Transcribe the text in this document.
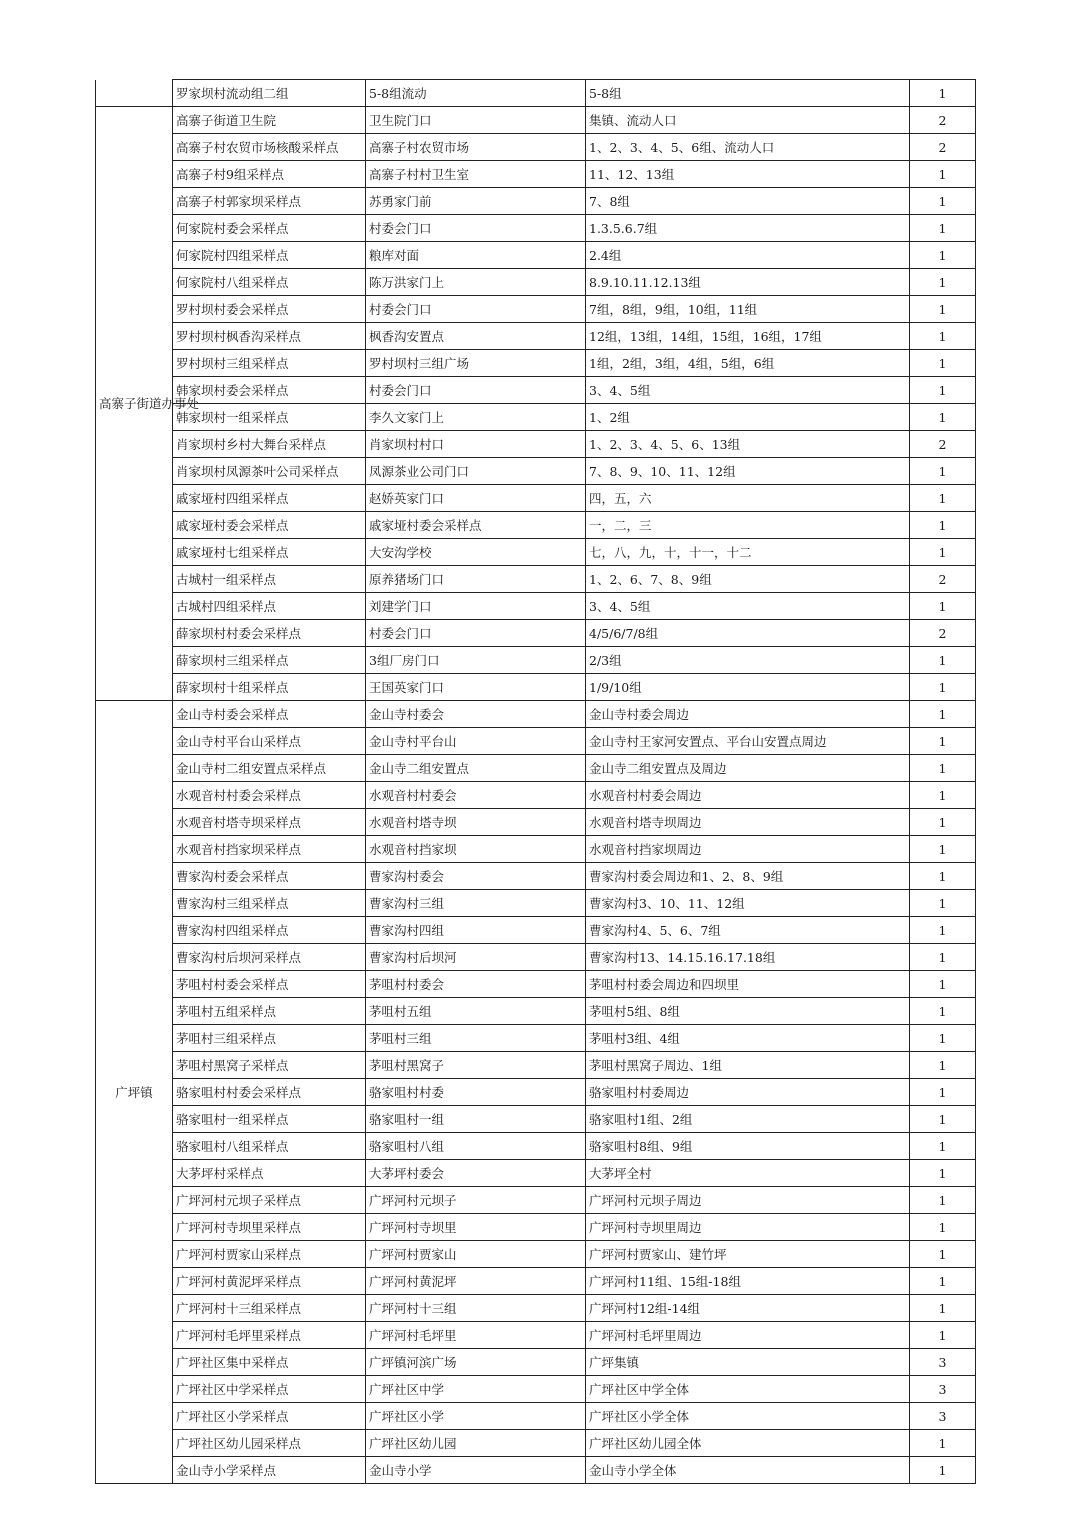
	罗家坝村流动组二组	5-8组流动	5-8组	1
高寨子街道办事处	高寨子街道卫生院	卫生院门口	集镇、流动人口	2
	高寨子村农贸市场核酸采样点	高寨子村农贸市场	1、2、3、4、5、6组、流动人口	2
	高寨子村9组采样点	高寨子村村卫生室	11、12、13组	1
	高寨子村郭家坝采样点	苏勇家门前	7、8组	1
	何家院村委会采样点	村委会门口	1.3.5.6.7组	1
	何家院村四组采样点	粮库对面	2.4组	1
	何家院村八组采样点	陈万洪家门上	8.9.10.11.12.13组	1
	罗村坝村委会采样点	村委会门口	7组，8组，9组，10组，11组	1
	罗村坝村枫香沟采样点	枫香沟安置点	12组，13组，14组，15组，16组，17组	1
	罗村坝村三组采样点	罗村坝村三组广场	1组，2组，3组，4组，5组，6组	1
	韩家坝村委会采样点	村委会门口	3、4、5组	1
	韩家坝村一组采样点	李久文家门上	1、2组	1
	肖家坝村乡村大舞台采样点	肖家坝村村口	1、2、3、4、5、6、13组	2
	肖家坝村凤源茶叶公司采样点	凤源茶业公司门口	7、8、9、10、11、12组	1
	戚家垭村四组采样点	赵娇英家门口	四，五，六	1
	戚家垭村委会采样点	戚家垭村委会采样点	一，二，三	1
	戚家垭村七组采样点	大安沟学校	七，八，九，十，十一，十二	1
	古城村一组采样点	原养猪场门口	1、2、6、7、8、9组	2
	古城村四组采样点	刘建学门口	3、4、5组	1
	薛家坝村村委会采样点	村委会门口	4/5/6/7/8组	2
	薛家坝村三组采样点	3组厂房门口	2/3组	1
	薛家坝村十组采样点	王国英家门口	1/9/10组	1
广坪镇	金山寺村委会采样点	金山寺村委会	金山寺村委会周边	1
	金山寺村平台山采样点	金山寺村平台山	金山寺村王家河安置点、平台山安置点周边	1
	金山寺村二组安置点采样点	金山寺二组安置点	金山寺二组安置点及周边	1
	水观音村村委会采样点	水观音村村委会	水观音村村委会周边	1
	水观音村塔寺坝采样点	水观音村塔寺坝	水观音村塔寺坝周边	1
	水观音村挡家坝采样点	水观音村挡家坝	水观音村挡家坝周边	1
	曹家沟村委会采样点	曹家沟村委会	曹家沟村委会周边和1、2、8、9组	1
	曹家沟村三组采样点	曹家沟村三组	曹家沟村3、10、11、12组	1
	曹家沟村四组采样点	曹家沟村四组	曹家沟村4、5、6、7组	1
	曹家沟村后坝河采样点	曹家沟村后坝河	曹家沟村13、14.15.16.17.18组	1
	茅咀村村委会采样点	茅咀村村委会	茅咀村村委会周边和四坝里	1
	茅咀村五组采样点	茅咀村五组	茅咀村5组、8组	1
	茅咀村三组采样点	茅咀村三组	茅咀村3组、4组	1
	茅咀村黑窝子采样点	茅咀村黑窝子	茅咀村黑窝子周边、1组	1
	骆家咀村村委会采样点	骆家咀村村委	骆家咀村村委周边	1
	骆家咀村一组采样点	骆家咀村一组	骆家咀村1组、2组	1
	骆家咀村八组采样点	骆家咀村八组	骆家咀村8组、9组	1
	大茅坪村采样点	大茅坪村委会	大茅坪全村	1
	广坪河村元坝子采样点	广坪河村元坝子	广坪河村元坝子周边	1
	广坪河村寺坝里采样点	广坪河村寺坝里	广坪河村寺坝里周边	1
	广坪河村贾家山采样点	广坪河村贾家山	广坪河村贾家山、建竹坪	1
	广坪河村黄泥坪采样点	广坪河村黄泥坪	广坪河村11组、15组-18组	1
	广坪河村十三组采样点	广坪河村十三组	广坪河村12组-14组	1
	广坪河村毛坪里采样点	广坪河村毛坪里	广坪河村毛坪里周边	1
	广坪社区集中采样点	广坪镇河滨广场	广坪集镇	3
	广坪社区中学采样点	广坪社区中学	广坪社区中学全体	3
	广坪社区小学采样点	广坪社区小学	广坪社区小学全体	3
	广坪社区幼儿园采样点	广坪社区幼儿园	广坪社区幼儿园全体	1
	金山寺小学采样点	金山寺小学	金山寺小学全体	1
